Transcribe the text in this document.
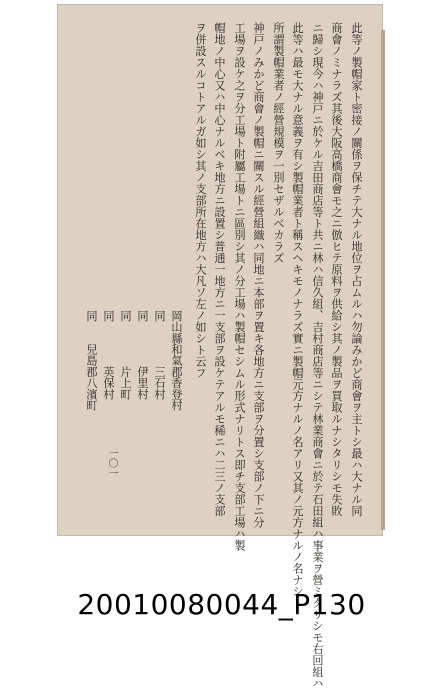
此等ノ製帽家ト密接ノ關係ヲ保チテ大ナル地位ヲ占ムルハ勿論みかど商會ヲ主トシ最ハ大ナル同
商會ノミナラズ其後大阪高橋商會モ之ニ倣ヒテ原料ヲ供給シ其ノ製品ヲ買取ルナシタリシモ失敗
ニ歸シ現今ハ神戸ニ於ケル吉田商店等ト共ニ林ハ信久組、吉村商店等ニシテ林業商會ニ於テ石田組ハ事業ヲ營ミタリシモ右回組ハ
此等ハ最モ大ナル意義ヲ有シ製帽業者ト稱スヘキモノナラズ實ニ製帽元方ナルノ名アリ又其ノ元方ナルノ名ナシ
所謂製帽業者ノ經營規模ヲ一別セザルベカラズ
神戸ノみかど商會ノ製帽ニ關スル經營組織ハ同地ニ本部ヲ置キ各地方ニ支部ヲ分置シ支部ノ下ニ分
工場ヲ設ケ之ヲ分工場ト附屬工場トニ區別シ其ノ分工場ハ製帽セシムル形式ナリトス即チ支部工場ハ製
帽地ノ中心又ハ中心ナルベキ地方ニ設置シ普通一地方ニ一支部ヲ設ケテアルモ稀ニハ二三ノ支部
ヲ併設スルコトアルガ如シ其ノ支部所在地方ハ大凡ソ左ノ如シト云フ
岡山縣和氣郡香登村
同　　　　三石村
同　　　　伊里村
同　　　　片上町
同　　　　英保村
同　　兒島郡八濱町
一〇一
20010080044_P130
